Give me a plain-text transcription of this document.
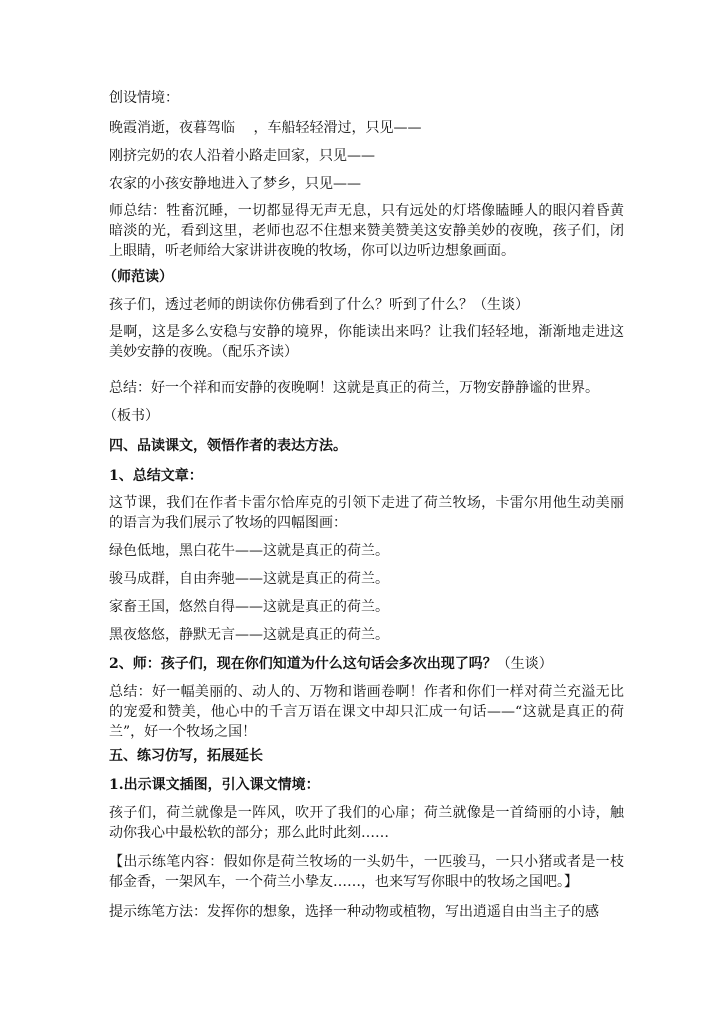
创设情境：

晚霞消逝，夜暮驾临　 ，车船轻轻滑过，只见——

刚挤完奶的农人沿着小路走回家，只见——

农家的小孩安静地进入了梦乡，只见——

师总结：牲畜沉睡，一切都显得无声无息，只有远处的灯塔像瞌睡人的眼闪着昏黄暗淡的光，看到这里，老师也忍不住想来赞美赞美这安静美妙的夜晚，孩子们，闭上眼睛，听老师给大家讲讲夜晚的牧场，你可以边听边想象画面。

（师范读）

孩子们，透过老师的朗读你仿佛看到了什么？听到了什么？（生谈）

是啊，这是多么安稳与安静的境界，你能读出来吗？让我们轻轻地，渐渐地走进这美妙安静的夜晚。（配乐齐读）

总结：好一个祥和而安静的夜晚啊！这就是真正的荷兰，万物安静静谧的世界。

（板书）

四、品读课文，领悟作者的表达方法。

1、总结文章：

这节课，我们在作者卡雷尔恰库克的引领下走进了荷兰牧场，卡雷尔用他生动美丽的语言为我们展示了牧场的四幅图画：

绿色低地，黑白花牛——这就是真正的荷兰。

骏马成群，自由奔驰——这就是真正的荷兰。

家畜王国，悠然自得——这就是真正的荷兰。

黑夜悠悠，静默无言——这就是真正的荷兰。

2、师：孩子们，现在你们知道为什么这句话会多次出现了吗？（生谈）

总结：好一幅美丽的、动人的、万物和谐画卷啊！作者和你们一样对荷兰充溢无比的宠爱和赞美，他心中的千言万语在课文中却只汇成一句话——“这就是真正的荷兰”，好一个牧场之国！

五、练习仿写，拓展延长

1.出示课文插图，引入课文情境：

孩子们，荷兰就像是一阵风，吹开了我们的心扉；荷兰就像是一首绮丽的小诗，触动你我心中最松软的部分；那么此时此刻……

【出示练笔内容：假如你是荷兰牧场的一头奶牛，一匹骏马，一只小猪或者是一枝郁金香，一架风车，一个荷兰小挚友……，也来写写你眼中的牧场之国吧。】

提示练笔方法：发挥你的想象，选择一种动物或植物，写出逍遥自由当主子的感
